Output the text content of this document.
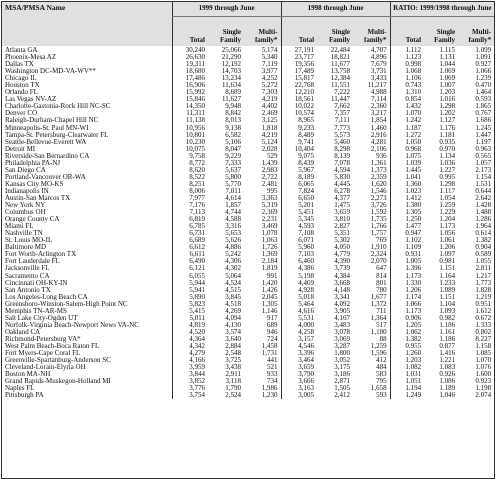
MSA/PMSA Name	1999 through June			1998 through June			RATIO: 1999/1998 through June		
	Total	Single Family	Multi-family*	Total	Single Family	Multi-family*	Total	Single Family	Multi-family*
Atlanta GA	30,240	25,066	5,174	27,191	22,484	4,707	1.112	1.115	1.099
Phoenix-Mesa AZ	26,630	21,290	5,340	23,717	18,821	4,896	1.123	1.131	1.091
Dallas TX	19,311	12,192	7,119	19,356	11,677	7,679	0.998	1.044	0.927
Washington DC-MD-VA-WV**	18,680	14,703	3,977	17,489	13,758	3,731	1.068	1.069	1.066
Chicago IL	17,486	13,234	4,252	15,817	12,384	3,433	1.106	1.069	1.239
Houston TX	16,906	11,634	5,272	22,768	11,551	11,217	0.743	1.007	0.470
Orlando FL	15,992	8,689	7,303	12,210	7,222	4,988	1.310	1.203	1.464
Las Vegas NV-AZ	15,846	11,627	4,219	18,561	11,447	7,114	0.854	1.016	0.593
Charlotte-Gastonia-Rock Hill NC-SC	14,350	9,948	4,402	10,022	7,662	2,360	1.432	1.298	1.865
Denver CO	11,311	8,842	2,469	10,574	7,357	3,217	1.070	1.202	0.767
Raleigh-Durham-Chapel Hill NC	11,138	8,013	3,125	8,965	7,111	1,854	1.242	1.127	1.686
Minneapolis-St. Paul MN-WI	10,956	9,138	1,818	9,233	7,773	1,460	1.187	1.176	1.245
Tampa-St. Petersburg-Clearwater FL	10,801	6,582	4,219	8,489	5,573	2,916	1.272	1.181	1.447
Seattle-Bellevue-Everett WA	10,230	5,106	5,124	9,741	5,460	4,281	1.050	0.935	1.197
Detroit MI	10,075	8,047	2,028	10,404	8,298	2,106	0.968	0.970	0.963
Riverside-San Bernardino CA	9,758	9,229	529	9,075	8,139	936	1.075	1.134	0.565
Philadelphia PA-NJ	8,772	7,333	1,439	8,439	7,078	1,361	1.039	1.036	1.057
San Diego CA	8,620	5,637	2,983	5,967	4,594	1,373	1.445	1.227	2.173
Portland-Vancouver OR-WA	8,522	5,800	2,722	8,189	5,830	2,359	1.041	0.995	1.154
Kansas City MO-KS	8,251	5,770	2,481	6,065	4,445	1,620	1.360	1.298	1.531
Indianapolis IN	8,006	7,011	995	7,824	6,278	1,546	1.023	1.117	0.644
Austin-San Marcos TX	7,977	4,614	3,363	6,650	4,377	2,273	1.412	1.054	2.642
New York NY	7,176	1,857	5,319	5,201	1,475	3,726	1.380	1.259	1.428
Columbus OH	7,113	4,744	2,369	5,451	3,659	1,592	1.305	1.229	1.488
Orange County CA	6,819	4,588	2,231	5,345	3,810	1,735	1.250	1.204	1.286
Miami FL	6,785	3,316	3,469	4,593	2,827	1,766	1.477	1.173	1.964
Nashville TN	6,731	5,653	1,078	7,108	5,351	1,757	0.947	1.056	0.614
St. Louis MO-IL	6,689	5,626	1,063	6,071	5,302	769	1.102	1.061	1.382
Baltimore MD	6,612	4,886	1,726	5,960	4,050	1,910	1.109	1.206	0.904
Fort Worth-Arlington TX	6,611	5,242	1,369	7,103	4,779	2,324	0.931	1.097	0.589
Fort Lauderdale FL	6,490	4,306	2,184	6,460	4,390	2,070	1.005	0.981	1.055
Jacksonville FL	6,121	4,302	1,819	4,386	3,739	647	1.396	1.151	2.811
Sacramento CA	6,055	5,064	991	5,198	4,384	814	1.173	1.164	1.217
Cincinnati OH-KY-IN	5,944	4,524	1,420	4,469	3,668	801	1.330	1.233	1.773
San Antonio TX	5,941	4,515	1,426	4,928	4,148	780	1.206	1.089	1.828
Los Angeles-Long Beach CA	5,890	3,845	2,045	5,018	3,341	1,677	1.174	1.151	1.219
Greensboro-Winston-Salem-High Point NC	5,823	4,518	1,305	5,464	4,092	1,372	1.066	1.104	0.951
Memphis TN-AR-MS	5,415	4,269	1,146	4,616	3,905	711	1.173	1.093	1.612
Salt Lake City-Ogden UT	5,011	4,094	917	5,531	4,167	1,364	0.906	0.982	0.672
Norfolk-Virginia Beach-Newport News VA-NC	4,819	4,130	689	4,000	3,483	517	1.205	1.186	1.333
Oakland CA	4,520	3,574	946	4,258	3,078	1,180	1.062	1.161	0.802
Richmond-Petersburg VA*	4,364	3,640	724	3,157	3,069	88	1.382	1.186	8.227
West Palm Beach-Boca Raton FL	4,342	2,884	1,458	4,546	3,287	1,259	0.955	0.877	1.158
Fort Myers-Cape Coral FL	4,279	2,548	1,731	3,396	1,800	1,596	1.260	1.416	1.085
Greenville-Spartanburg-Anderson SC	4,166	3,725	441	3,464	3,052	412	1.203	1.221	1.070
Cleveland-Lorain-Elyria OH	3,959	3,438	521	3,659	3,175	484	1.082	1.083	1.076
Boston MA-NH	3,844	2,911	933	3,790	3,186	583	1.031	0.926	1.600
Grand Rapids-Muskegon-Holland MI	3,852	3,118	734	3,666	2,871	795	1.051	1.086	0.923
Naples FL	3,776	1,790	1,986	3,163	1,505	1,658	1.194	1.189	1.198
Pittsburgh PA	3,754	2,524	1,230	3,005	2,412	593	1.249	1.046	2.074
